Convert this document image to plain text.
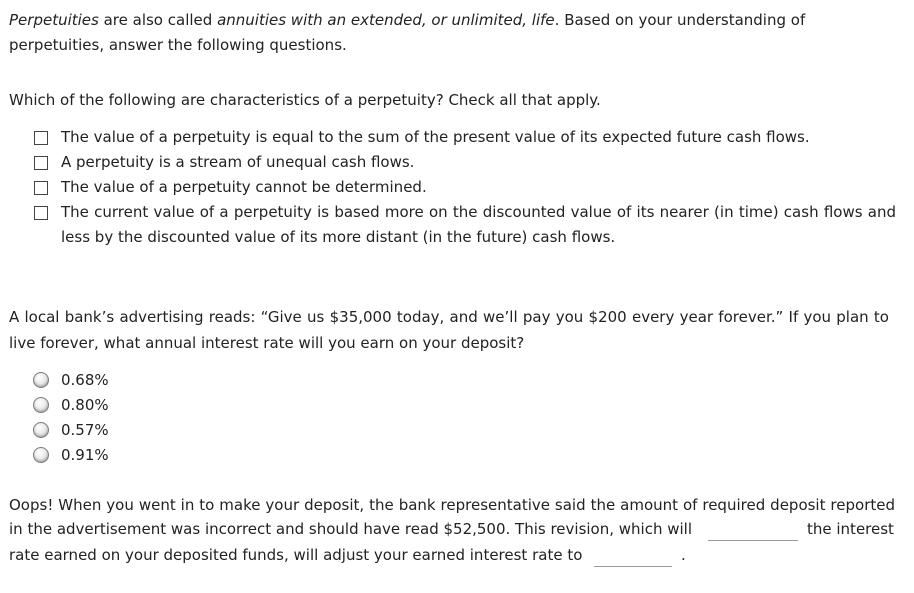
Perpetuities are also called annuities with an extended, or unlimited, life. Based on your understanding of
perpetuities, answer the following questions.
Which of the following are characteristics of a perpetuity? Check all that apply.
The value of a perpetuity is equal to the sum of the present value of its expected future cash flows.
A perpetuity is a stream of unequal cash flows.
The value of a perpetuity cannot be determined.
The current value of a perpetuity is based more on the discounted value of its nearer (in time) cash flows and
less by the discounted value of its more distant (in the future) cash flows.
A local bank’s advertising reads: “Give us $35,000 today, and we’ll pay you $200 every year forever.” If you plan to
live forever, what annual interest rate will you earn on your deposit?
0.68%
0.80%
0.57%
0.91%
Oops! When you went in to make your deposit, the bank representative said the amount of required deposit reported
in the advertisement was incorrect and should have read $52,500. This revision, which will	the interest
rate earned on your deposited funds, will adjust your earned interest rate to	.
